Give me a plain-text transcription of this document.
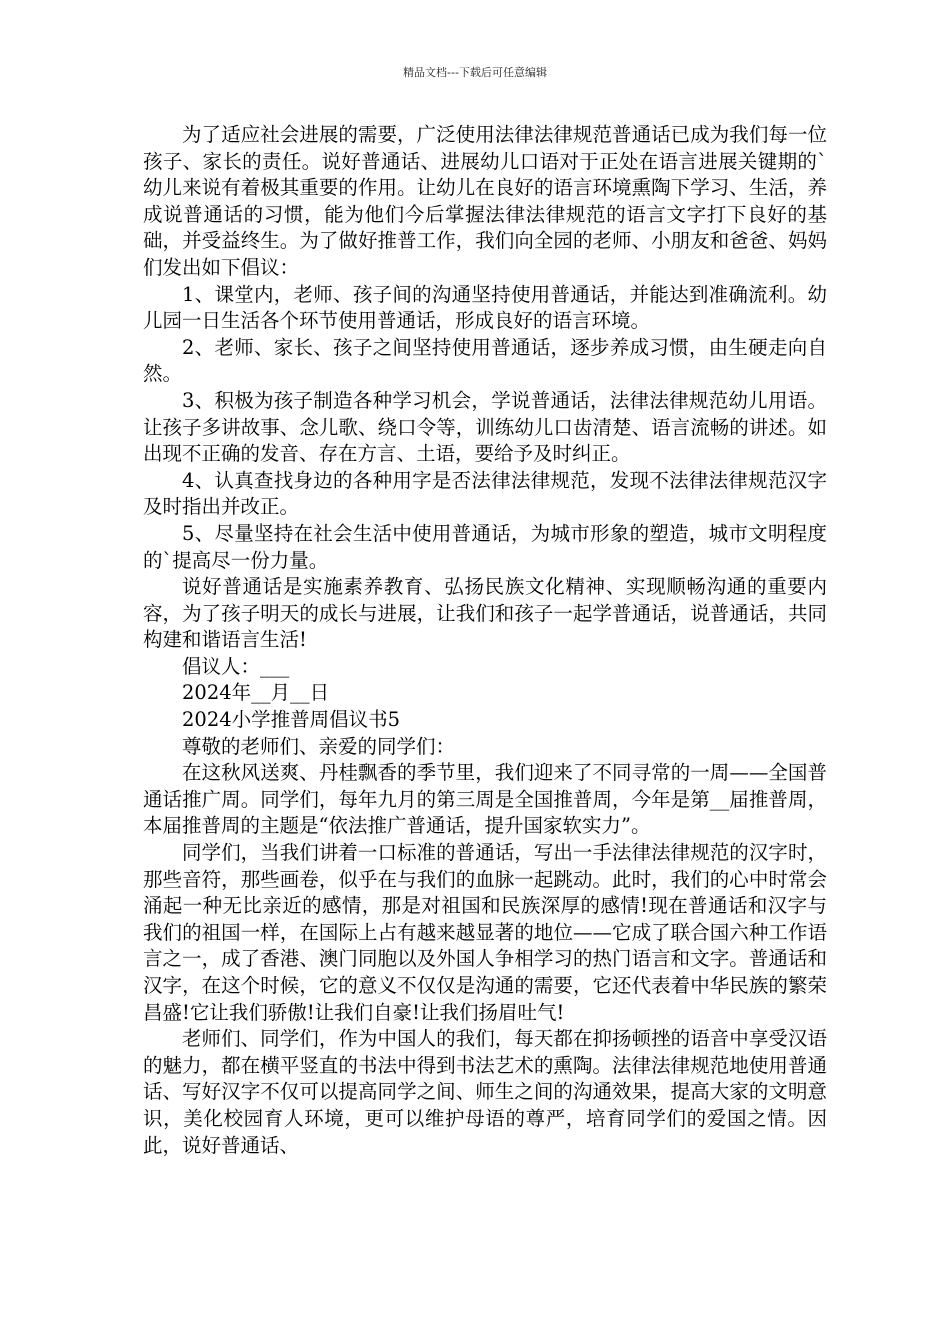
精品文档---下载后可任意编辑

为了适应社会进展的需要，广泛使用法律法律规范普通话已成为我们每一位孩子、家长的责任。说好普通话、进展幼儿口语对于正处在语言进展关键期的`幼儿来说有着极其重要的作用。让幼儿在良好的语言环境熏陶下学习、生活，养成说普通话的习惯，能为他们今后掌握法律法律规范的语言文字打下良好的基础，并受益终生。为了做好推普工作，我们向全园的老师、小朋友和爸爸、妈妈们发出如下倡议：

1、课堂内，老师、孩子间的沟通坚持使用普通话，并能达到准确流利。幼儿园一日生活各个环节使用普通话，形成良好的语言环境。

2、老师、家长、孩子之间坚持使用普通话，逐步养成习惯，由生硬走向自然。

3、积极为孩子制造各种学习机会，学说普通话，法律法律规范幼儿用语。让孩子多讲故事、念儿歌、绕口令等，训练幼儿口齿清楚、语言流畅的讲述。如出现不正确的发音、存在方言、土语，要给予及时纠正。

4、认真查找身边的各种用字是否法律法律规范，发现不法律法律规范汉字及时指出并改正。

5、尽量坚持在社会生活中使用普通话，为城市形象的塑造，城市文明程度的`提高尽一份力量。

说好普通话是实施素养教育、弘扬民族文化精神、实现顺畅沟通的重要内容，为了孩子明天的成长与进展，让我们和孩子一起学普通话，说普通话，共同构建和谐语言生活!

倡议人：___

2024年__月__日

2024小学推普周倡议书5

尊敬的老师们、亲爱的同学们：

在这秋风送爽、丹桂飘香的季节里，我们迎来了不同寻常的一周——全国普通话推广周。同学们，每年九月的第三周是全国推普周，今年是第__届推普周，本届推普周的主题是“依法推广普通话，提升国家软实力”。

同学们，当我们讲着一口标准的普通话，写出一手法律法律规范的汉字时，那些音符，那些画卷，似乎在与我们的血脉一起跳动。此时，我们的心中时常会涌起一种无比亲近的感情，那是对祖国和民族深厚的感情!现在普通话和汉字与我们的祖国一样，在国际上占有越来越显著的地位——它成了联合国六种工作语言之一，成了香港、澳门同胞以及外国人争相学习的热门语言和文字。普通话和汉字，在这个时候，它的意义不仅仅是沟通的需要，它还代表着中华民族的繁荣昌盛!它让我们骄傲!让我们自豪!让我们扬眉吐气!

老师们、同学们，作为中国人的我们，每天都在抑扬顿挫的语音中享受汉语的魅力，都在横平竖直的书法中得到书法艺术的熏陶。法律法律规范地使用普通话、写好汉字不仅可以提高同学之间、师生之间的沟通效果，提高大家的文明意识，美化校园育人环境，更可以维护母语的尊严，培育同学们的爱国之情。因此，说好普通话、
